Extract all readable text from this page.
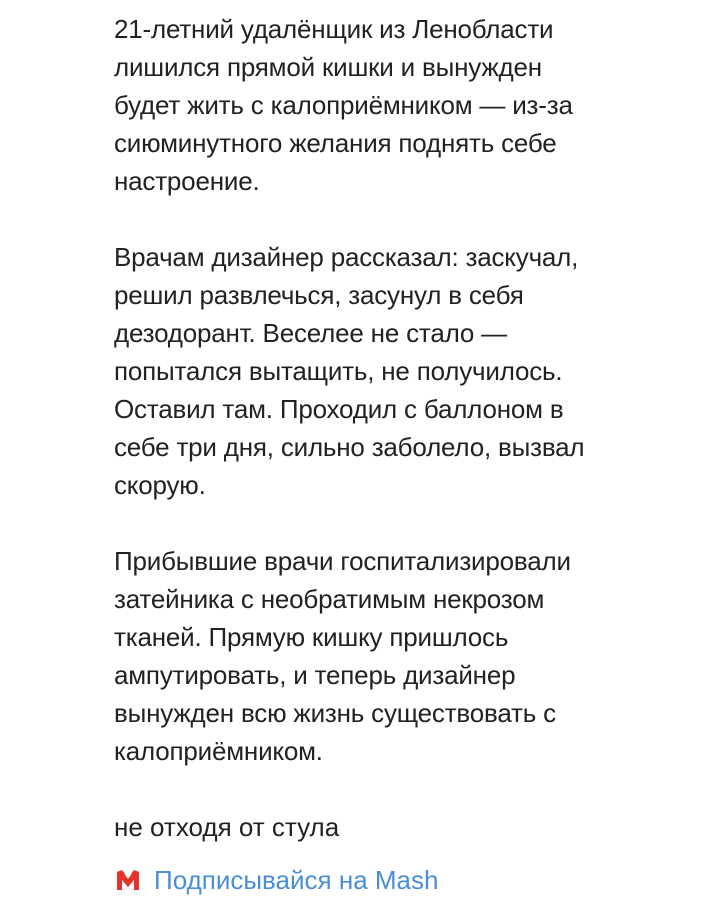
21-летний удалёнщик из Ленобласти
лишился прямой кишки и вынужден
будет жить с калоприёмником — из-за
сиюминутного желания поднять себе
настроение.

Врачам дизайнер рассказал: заскучал,
решил развлечься, засунул в себя
дезодорант. Веселее не стало —
попытался вытащить, не получилось.
Оставил там. Проходил с баллоном в
себе три дня, сильно заболело, вызвал
скорую.

Прибывшие врачи госпитализировали
затейника с необратимым некрозом
тканей. Прямую кишку пришлось
ампутировать, и теперь дизайнер
вынужден всю жизнь существовать с
калоприёмником.

не отходя от стула

Подписывайся на Mash
